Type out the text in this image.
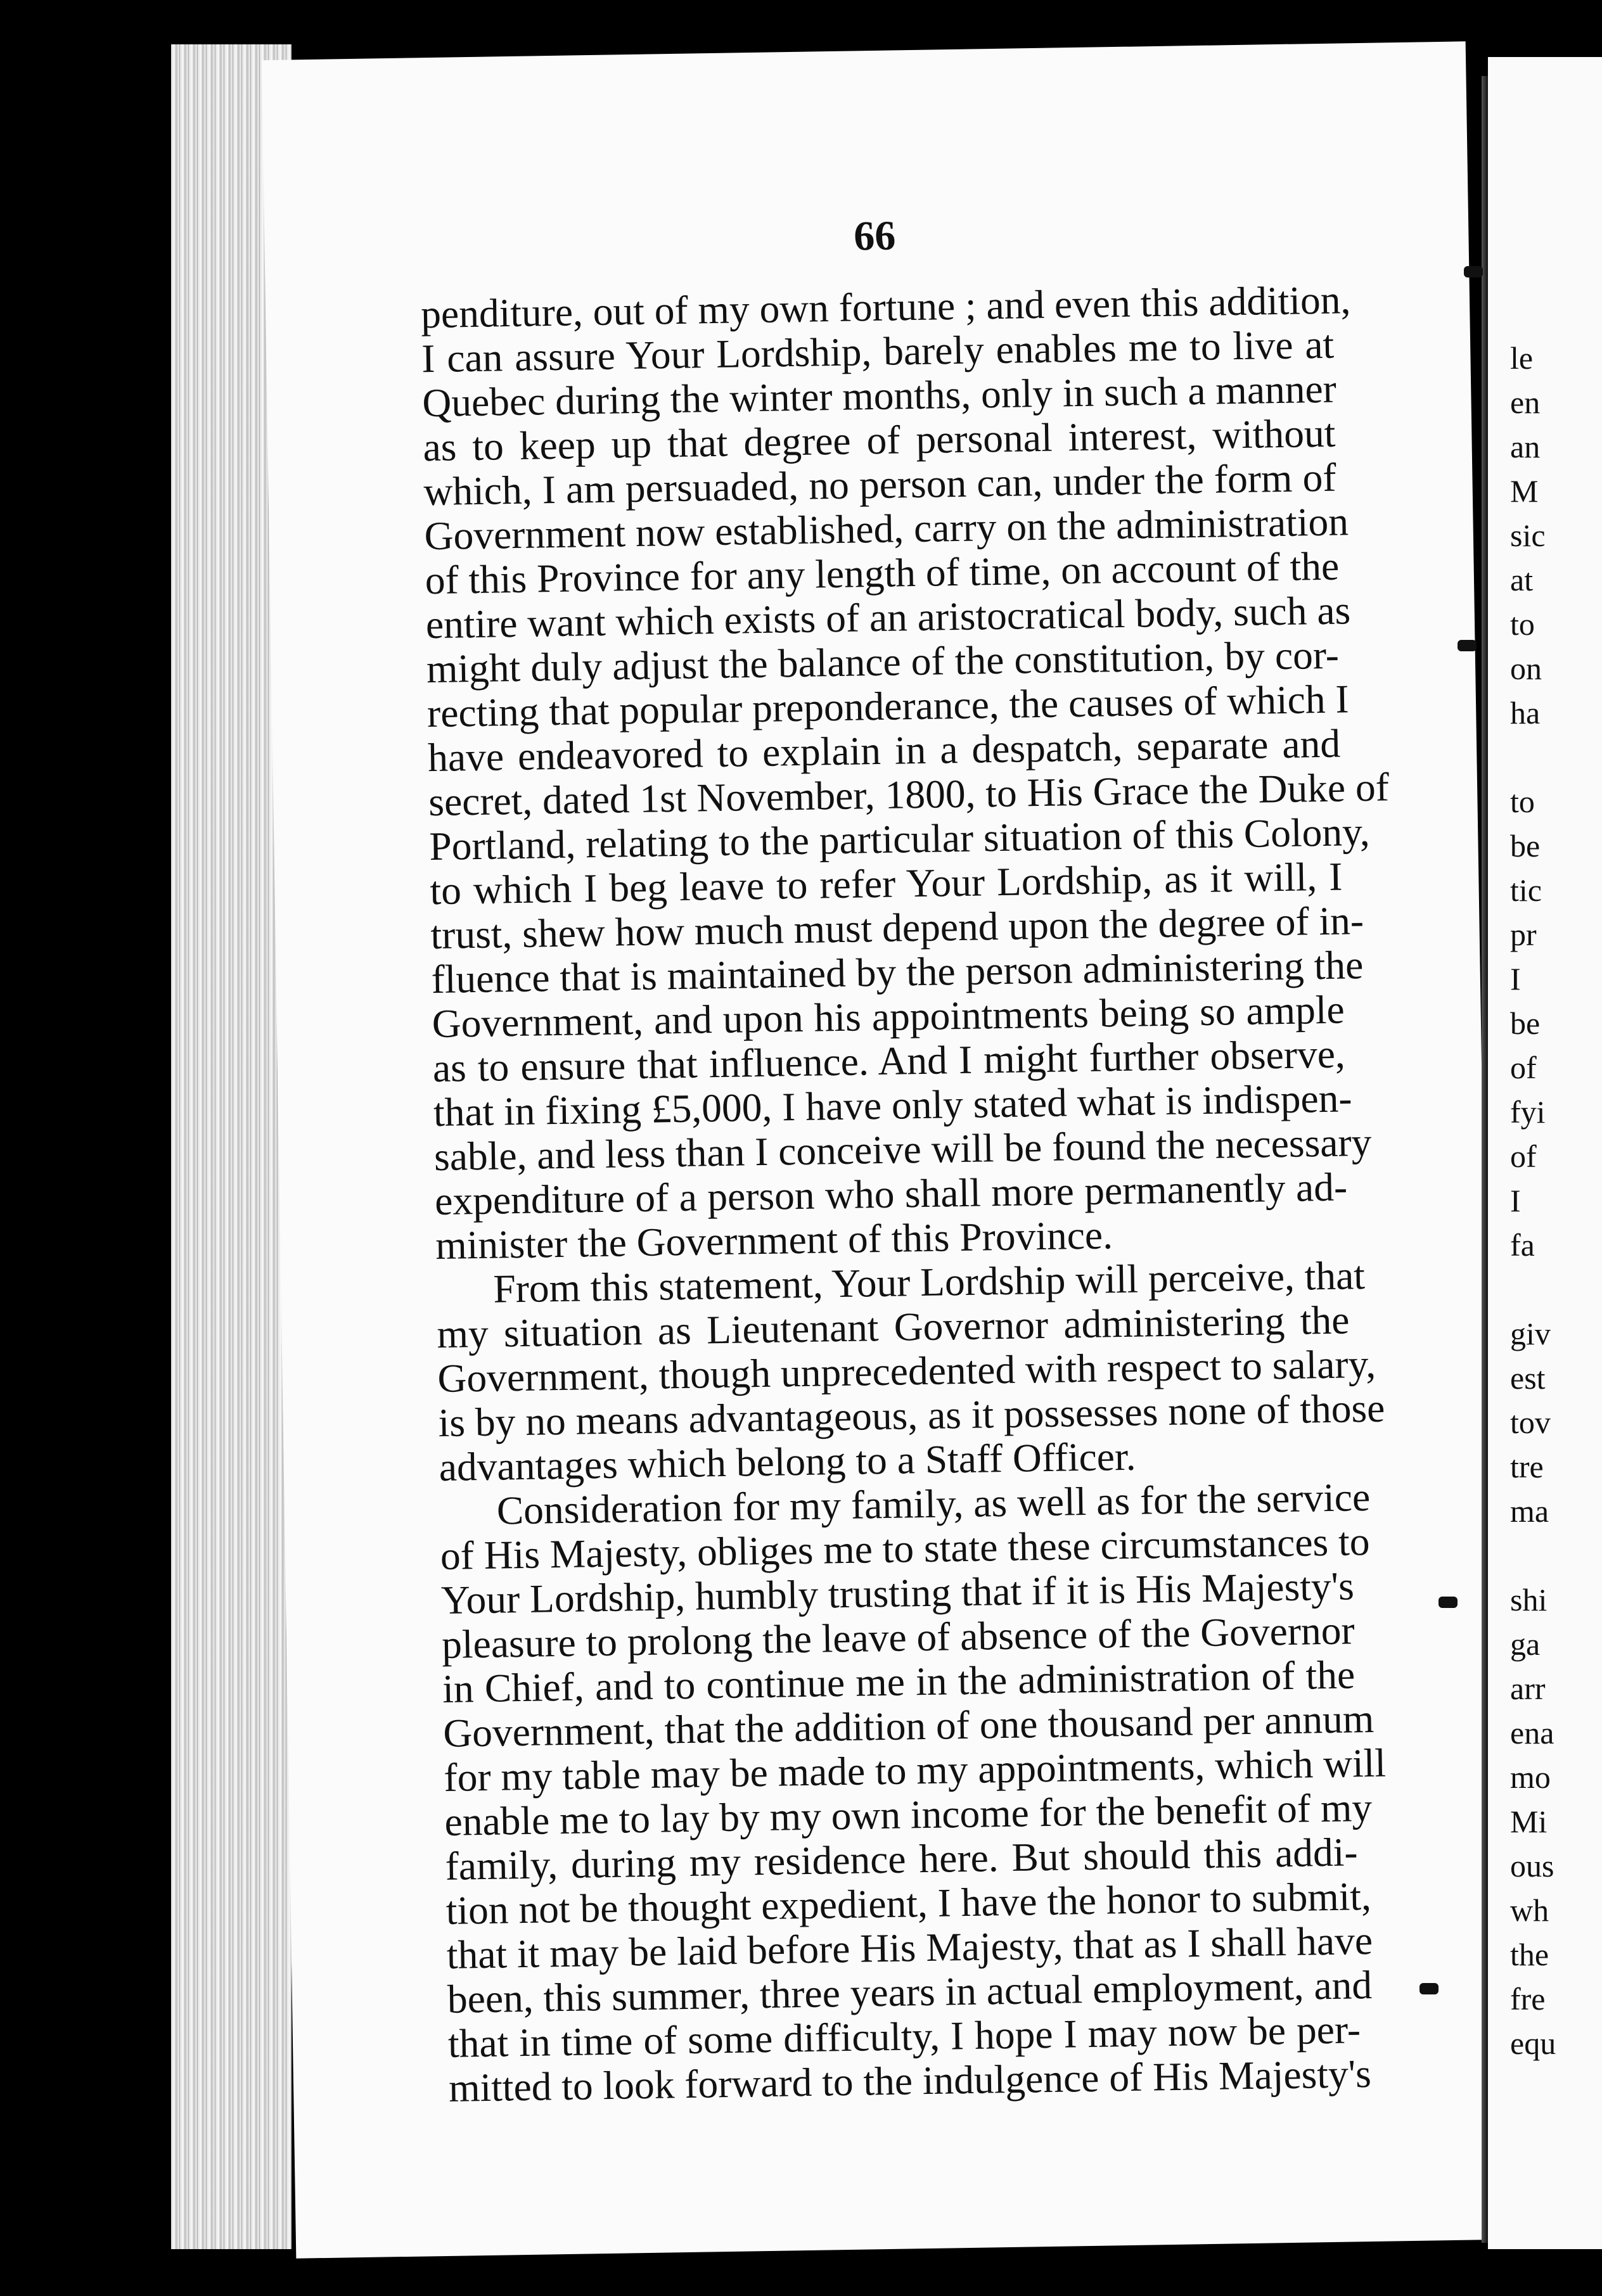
66
penditure, out of my own fortune ; and even this addition,
I can assure Your Lordship, barely enables me to live at
Quebec during the winter months, only in such a manner
as to keep up that degree of personal interest, without
which, I am persuaded, no person can, under the form of
Government now established, carry on the administration
of this Province for any length of time, on account of the
entire want which exists of an aristocratical body, such as
might duly adjust the balance of the constitution, by cor-
recting that popular preponderance, the causes of which I
have endeavored to explain in a despatch, separate and
secret, dated 1st November, 1800, to His Grace the Duke of
Portland, relating to the particular situation of this Colony,
to which I beg leave to refer Your Lordship, as it will, I
trust, shew how much must depend upon the degree of in-
fluence that is maintained by the person administering the
Government, and upon his appointments being so ample
as to ensure that influence. And I might further observe,
that in fixing £5,000, I have only stated what is indispen-
sable, and less than I conceive will be found the necessary
expenditure of a person who shall more permanently ad-
minister the Government of this Province.
From this statement, Your Lordship will perceive, that
my situation as Lieutenant Governor administering the
Government, though unprecedented with respect to salary,
is by no means advantageous, as it possesses none of those
advantages which belong to a Staff Officer.
Consideration for my family, as well as for the service
of His Majesty, obliges me to state these circumstances to
Your Lordship, humbly trusting that if it is His Majesty's
pleasure to prolong the leave of absence of the Governor
in Chief, and to continue me in the administration of the
Government, that the addition of one thousand per annum
for my table may be made to my appointments, which will
enable me to lay by my own income for the benefit of my
family, during my residence here. But should this addi-
tion not be thought expedient, I have the honor to submit,
that it may be laid before His Majesty, that as I shall have
been, this summer, three years in actual employment, and
that in time of some difficulty, I hope I may now be per-
mitted to look forward to the indulgence of His Majesty's
le
en
an
M
sic
at
to
on
ha
to
be
tic
pr
I
be
of
fyi
of
I
fa
giv
est
tov
tre
ma
shi
ga
arr
ena
mo
Mi
ous
wh
the
fre
equ
